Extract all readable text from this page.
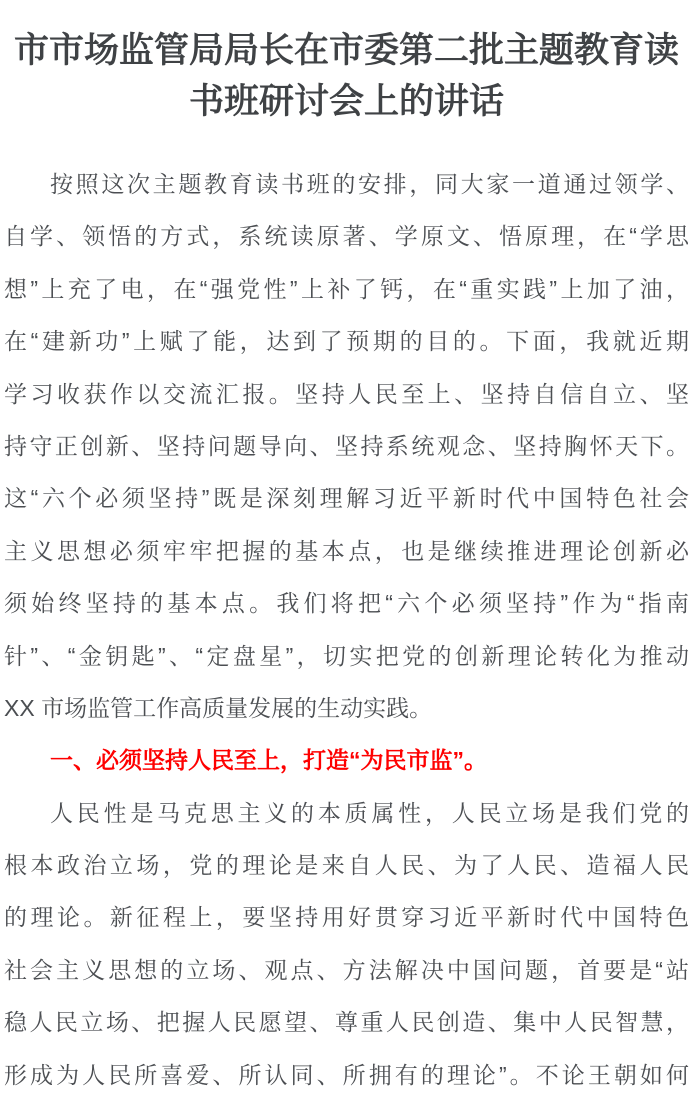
市市场监管局局长在市委第二批主题教育读书班研讨会上的讲话
按照这次主题教育读书班的安排，同大家一道通过领学、
自学、领悟的方式，系统读原著、学原文、悟原理，在“学思
想”上充了电，在“强党性”上补了钙，在“重实践”上加了油，
在“建新功”上赋了能，达到了预期的目的。下面，我就近期
学习收获作以交流汇报。坚持人民至上、坚持自信自立、坚
持守正创新、坚持问题导向、坚持系统观念、坚持胸怀天下。
这“六个必须坚持”既是深刻理解习近平新时代中国特色社会
主义思想必须牢牢把握的基本点，也是继续推进理论创新必
须始终坚持的基本点。我们将把“六个必须坚持”作为“指南
针”、“金钥匙”、“定盘星”，切实把党的创新理论转化为推动
XX 市场监管工作高质量发展的生动实践。
一、必须坚持人民至上，打造“为民市监”。
人民性是马克思主义的本质属性，人民立场是我们党的
根本政治立场，党的理论是来自人民、为了人民、造福人民
的理论。新征程上，要坚持用好贯穿习近平新时代中国特色
社会主义思想的立场、观点、方法解决中国问题，首要是“站
稳人民立场、把握人民愿望、尊重人民创造、集中人民智慧，
形成为人民所喜爱、所认同、所拥有的理论”。不论王朝如何
